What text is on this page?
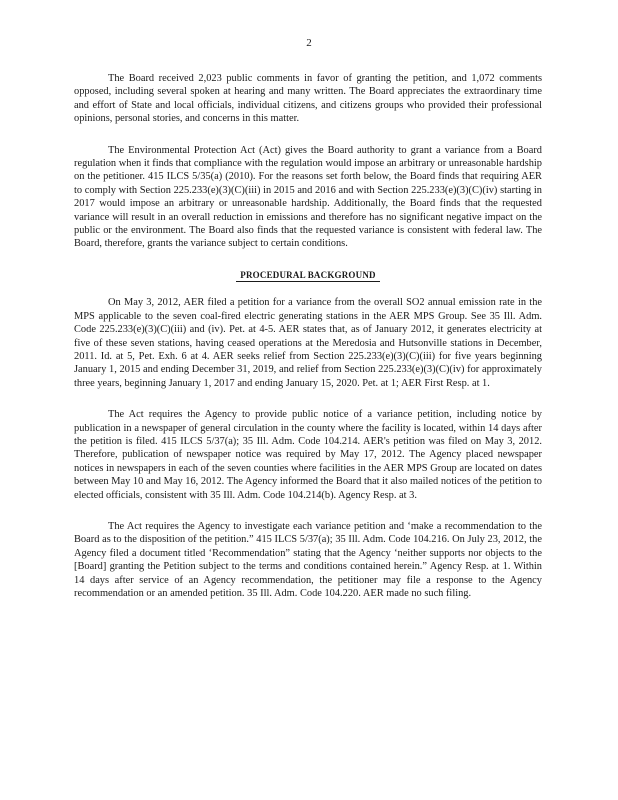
2

The Board received 2,023 public comments in favor of granting the petition, and 1,072 comments opposed, including several spoken at hearing and many written. The Board appreciates the extraordinary time and effort of State and local officials, individual citizens, and citizens groups who provided their professional opinions, personal stories, and concerns in this matter.

The Environmental Protection Act (Act) gives the Board authority to grant a variance from a Board regulation when it finds that compliance with the regulation would impose an arbitrary or unreasonable hardship on the petitioner. 415 ILCS 5/35(a) (2010). For the reasons set forth below, the Board finds that requiring AER to comply with Section 225.233(e)(3)(C)(iii) in 2015 and 2016 and with Section 225.233(e)(3)(C)(iv) starting in 2017 would impose an arbitrary or unreasonable hardship. Additionally, the Board finds that the requested variance will result in an overall reduction in emissions and therefore has no significant negative impact on the public or the environment. The Board also finds that the requested variance is consistent with federal law. The Board, therefore, grants the variance subject to certain conditions.

PROCEDURAL BACKGROUND

On May 3, 2012, AER filed a petition for a variance from the overall SO2 annual emission rate in the MPS applicable to the seven coal-fired electric generating stations in the AER MPS Group. See 35 Ill. Adm. Code 225.233(e)(3)(C)(iii) and (iv). Pet. at 4-5. AER states that, as of January 2012, it generates electricity at five of these seven stations, having ceased operations at the Meredosia and Hutsonville stations in December, 2011. Id. at 5, Pet. Exh. 6 at 4. AER seeks relief from Section 225.233(e)(3)(C)(iii) for five years beginning January 1, 2015 and ending December 31, 2019, and relief from Section 225.233(e)(3)(C)(iv) for approximately three years, beginning January 1, 2017 and ending January 15, 2020. Pet. at 1; AER First Resp. at 1.

The Act requires the Agency to provide public notice of a variance petition, including notice by publication in a newspaper of general circulation in the county where the facility is located, within 14 days after the petition is filed. 415 ILCS 5/37(a); 35 Ill. Adm. Code 104.214. AER's petition was filed on May 3, 2012. Therefore, publication of newspaper notice was required by May 17, 2012. The Agency placed newspaper notices in newspapers in each of the seven counties where facilities in the AER MPS Group are located on dates between May 10 and May 16, 2012. The Agency informed the Board that it also mailed notices of the petition to elected officials, consistent with 35 Ill. Adm. Code 104.214(b). Agency Resp. at 3.

The Act requires the Agency to investigate each variance petition and ‘make a recommendation to the Board as to the disposition of the petition.” 415 ILCS 5/37(a); 35 Ill. Adm. Code 104.216. On July 23, 2012, the Agency filed a document titled ‘Recommendation” stating that the Agency ‘neither supports nor objects to the [Board] granting the Petition subject to the terms and conditions contained herein.” Agency Resp. at 1. Within 14 days after service of an Agency recommendation, the petitioner may file a response to the Agency recommendation or an amended petition. 35 Ill. Adm. Code 104.220. AER made no such filing.
